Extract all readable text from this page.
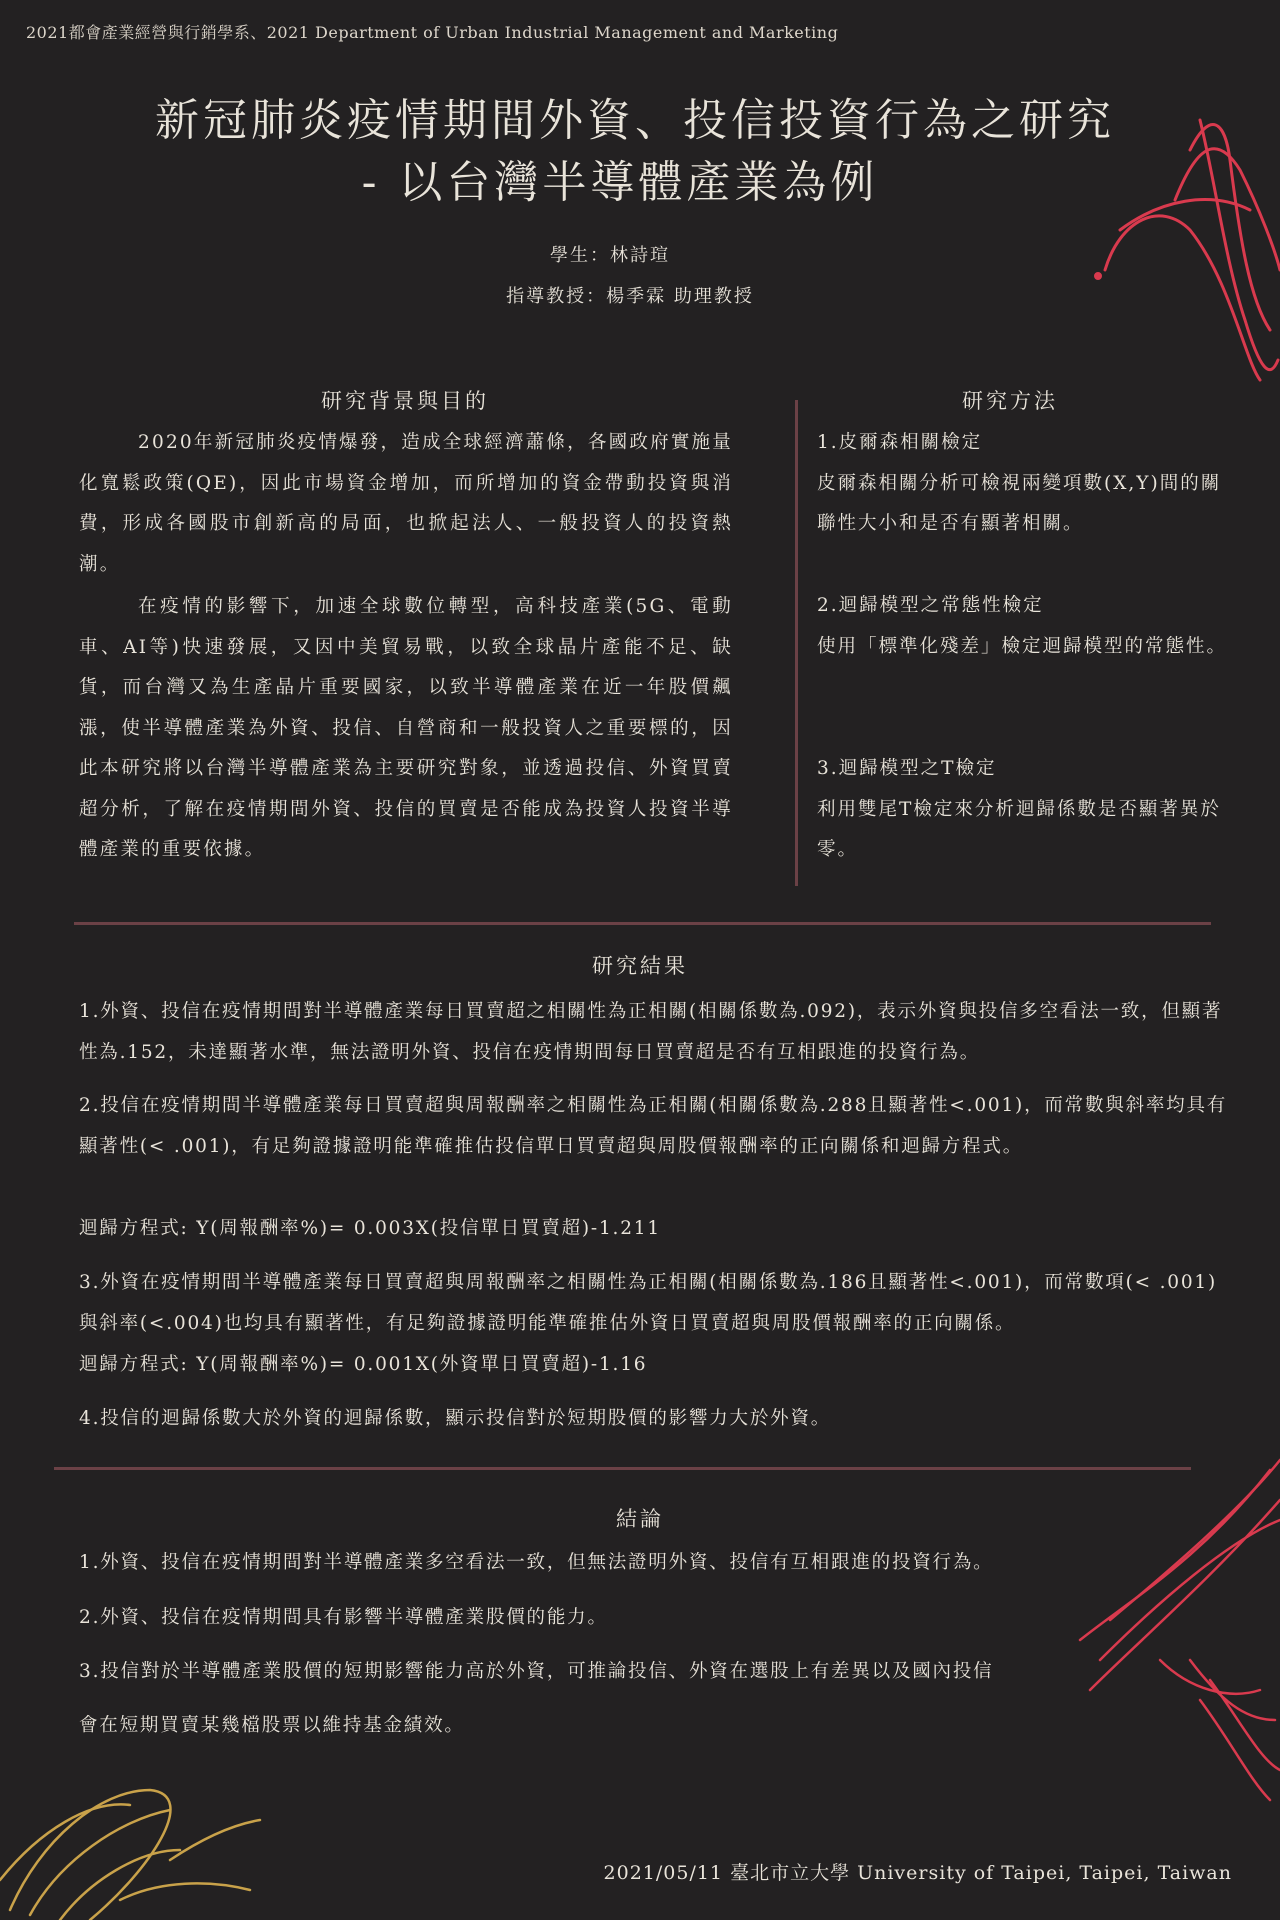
2021都會產業經營與行銷學系、2021 Department of Urban Industrial Management and Marketing
新冠肺炎疫情期間外資、投信投資行為之研究
- 以台灣半導體產業為例
學生：林詩瑄
指導教授：楊季霖 助理教授
研究背景與目的

2020年新冠肺炎疫情爆發，造成全球經濟蕭條，各國政府實施量化寬鬆政策(QE)，因此市場資金增加，而所增加的資金帶動投資與消費，形成各國股市創新高的局面，也掀起法人、一般投資人的投資熱潮。

在疫情的影響下，加速全球數位轉型，高科技產業(5G、電動車、AI等)快速發展，又因中美貿易戰，以致全球晶片產能不足、缺貨，而台灣又為生產晶片重要國家，以致半導體產業在近一年股價飆漲，使半導體產業為外資、投信、自營商和一般投資人之重要標的，因此本研究將以台灣半導體產業為主要研究對象，並透過投信、外資買賣超分析，了解在疫情期間外資、投信的買賣是否能成為投資人投資半導體產業的重要依據。

研究方法
1.皮爾森相關檢定
皮爾森相關分析可檢視兩變項數(X,Y)間的關聯性大小和是否有顯著相關。
2.迴歸模型之常態性檢定
使用「標準化殘差」檢定迴歸模型的常態性。
3.迴歸模型之T檢定
利用雙尾T檢定來分析迴歸係數是否顯著異於零。
研究結果
1.外資、投信在疫情期間對半導體產業每日買賣超之相關性為正相關(相關係數為.092)，表示外資與投信多空看法一致，但顯著性為.152，未達顯著水準，無法證明外資、投信在疫情期間每日買賣超是否有互相跟進的投資行為。
2.投信在疫情期間半導體產業每日買賣超與周報酬率之相關性為正相關(相關係數為.288且顯著性<.001)，而常數與斜率均具有顯著性(< .001)，有足夠證據證明能準確推估投信單日買賣超與周股價報酬率的正向關係和迴歸方程式。
迴歸方程式: Y(周報酬率%)= 0.003X(投信單日買賣超)-1.211
3.外資在疫情期間半導體產業每日買賣超與周報酬率之相關性為正相關(相關係數為.186且顯著性<.001)，而常數項(< .001)與斜率(<.004)也均具有顯著性，有足夠證據證明能準確推估外資日買賣超與周股價報酬率的正向關係。
迴歸方程式: Y(周報酬率%)= 0.001X(外資單日買賣超)-1.16
4.投信的迴歸係數大於外資的迴歸係數，顯示投信對於短期股價的影響力大於外資。
結論
1.外資、投信在疫情期間對半導體產業多空看法一致，但無法證明外資、投信有互相跟進的投資行為。
2.外資、投信在疫情期間具有影響半導體產業股價的能力。
3.投信對於半導體產業股價的短期影響能力高於外資，可推論投信、外資在選股上有差異以及國內投信
會在短期買賣某幾檔股票以維持基金績效。
2021/05/11 臺北市立大學 University of Taipei, Taipei, Taiwan
